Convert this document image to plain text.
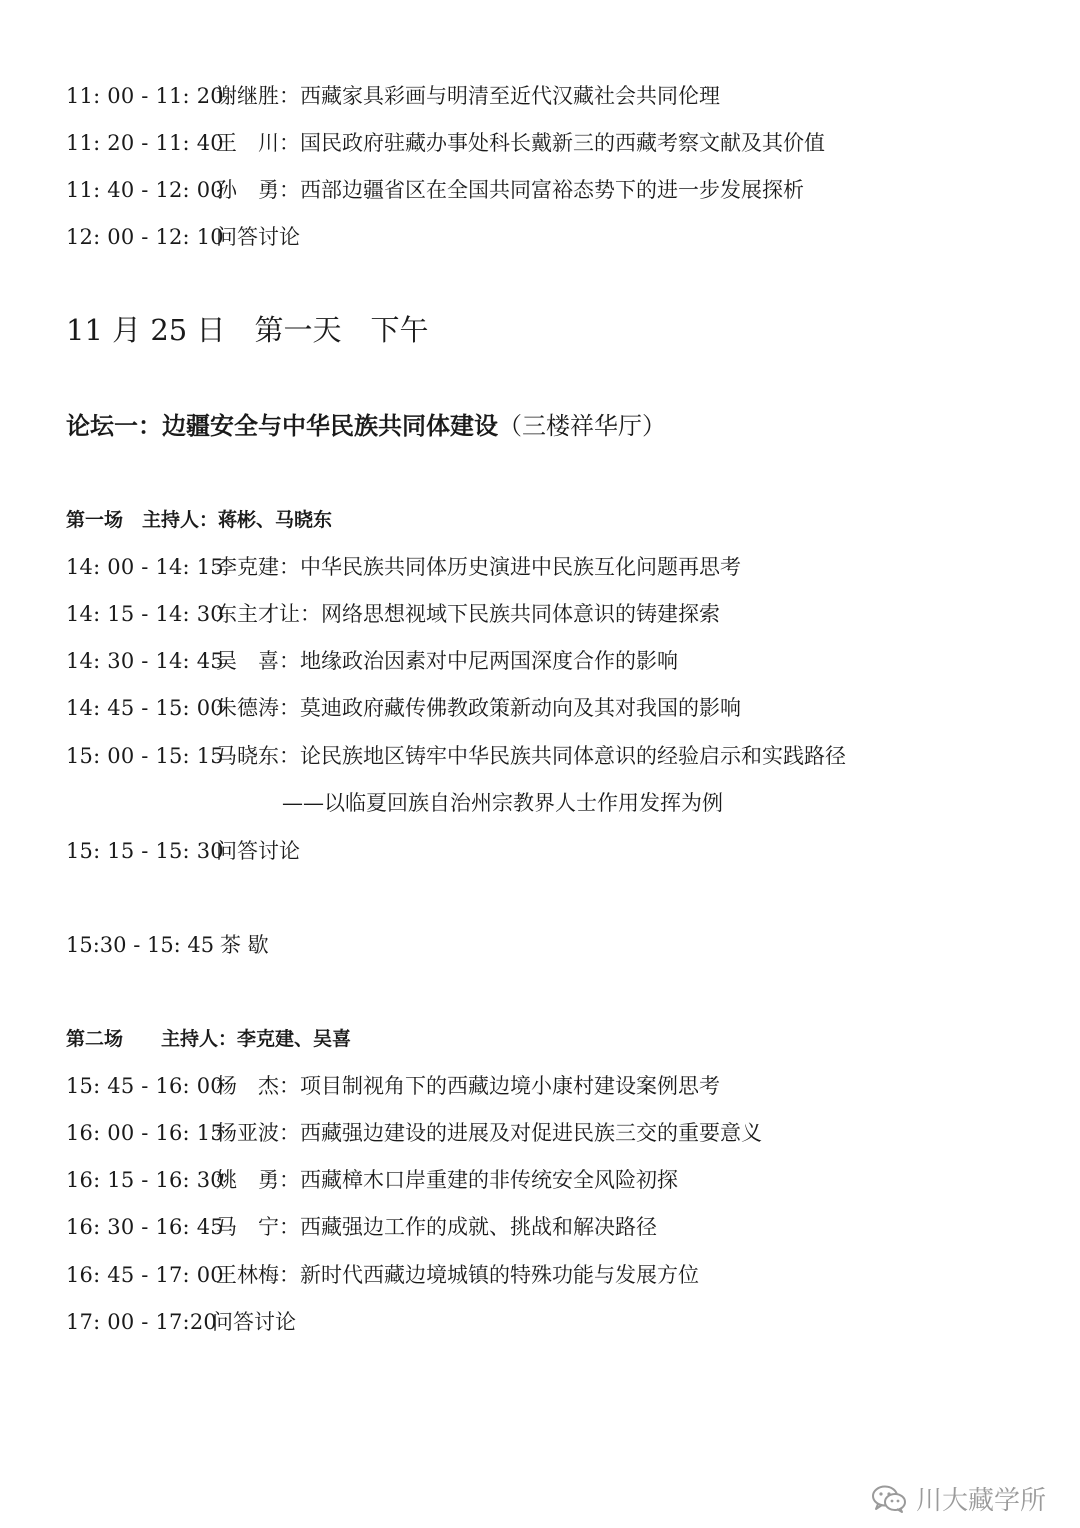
11: 00 - 11: 20谢继胜：西藏家具彩画与明清至近代汉藏社会共同伦理
11: 20 - 11: 40王　川：国民政府驻藏办事处科长戴新三的西藏考察文献及其价值
11: 40 - 12: 00孙　勇：西部边疆省区在全国共同富裕态势下的进一步发展探析
12: 00 - 12: 10问答讨论
11 月 25 日　第一天　下午
论坛一：边疆安全与中华民族共同体建设（三楼祥华厅）
第一场　主持人：蒋彬、马晓东
14: 00 - 14: 15李克建：中华民族共同体历史演进中民族互化问题再思考
14: 15 - 14: 30东主才让：网络思想视域下民族共同体意识的铸建探索
14: 30 - 14: 45吴　喜：地缘政治因素对中尼两国深度合作的影响
14: 45 - 15: 00朱德涛：莫迪政府藏传佛教政策新动向及其对我国的影响
15: 00 - 15: 15马晓东：论民族地区铸牢中华民族共同体意识的经验启示和实践路径
——以临夏回族自治州宗教界人士作用发挥为例
15: 15 - 15: 30问答讨论
15:30 - 15: 45 茶 歇
第二场　　主持人：李克建、吴喜
15: 45 - 16: 00杨　杰：项目制视角下的西藏边境小康村建设案例思考
16: 00 - 16: 15杨亚波：西藏强边建设的进展及对促进民族三交的重要意义
16: 15 - 16: 30姚　勇：西藏樟木口岸重建的非传统安全风险初探
16: 30 - 16: 45马　宁：西藏强边工作的成就、挑战和解决路径
16: 45 - 17: 00王林梅：新时代西藏边境城镇的特殊功能与发展方位
17: 00 - 17:20问答讨论
川大藏学所
